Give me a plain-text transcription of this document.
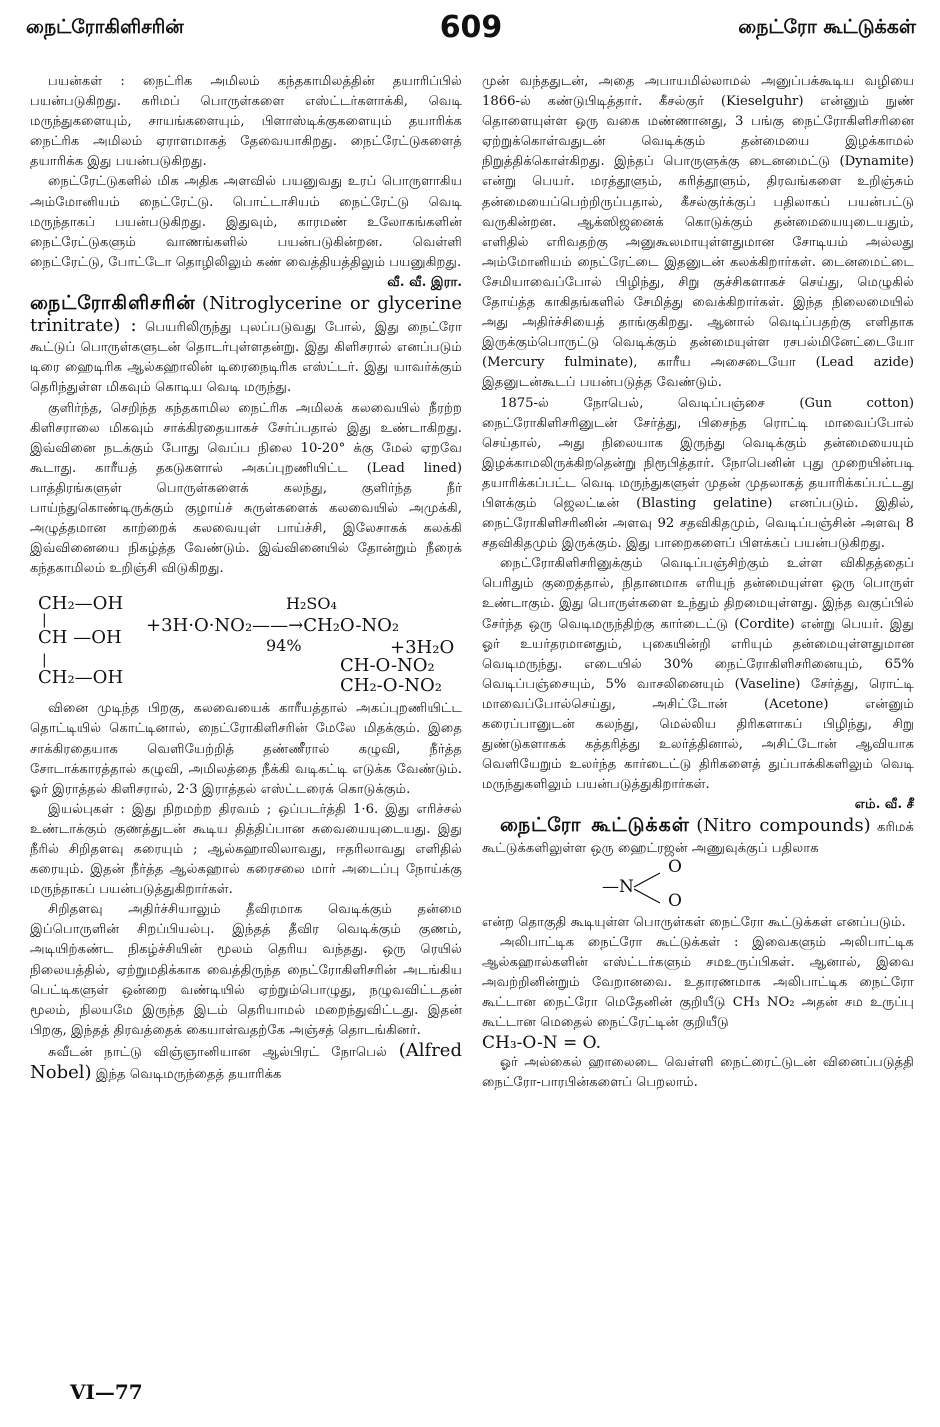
நைட்ரோகிளிசரின்	609	நைட்ரோ கூட்டுக்கள்

பயன்கள் : நைட்ரிக அமிலம் கந்தகாமிலத்தின் தயாரிப்பில் பயன்படுகிறது. கரிமப் பொருள்களை எஸ்ட்டர்களாக்கி, வெடி மருந்துகளையும், சாயங்களையும், பிளாஸ்டிக்குகளையும் தயாரிக்க நைட்ரிக அமிலம் ஏராளமாகத் தேவையாகிறது. நைட்ரேட்டுகளைத் தயாரிக்க இது பயன்படுகிறது.

நைட்ரேட்டுகளில் மிக அதிக அளவில் பயனுவது உரப் பொருளாகிய அம்மோனியம் நைட்ரேட்டு. பொட்டாசியம் நைட்ரேட்டு வெடி மருந்தாகப் பயன்படுகிறது. இதுவும், காரமண் உலோகங்களின் நைட்ரேட்டுகளும் வாணங்களில் பயன்படுகின்றன. வெள்ளி நைட்ரேட்டு, போட்டோ தொழிலிலும் கண் வைத்தியத்திலும் பயனுகிறது.

வீ. வீ. இரா.

நைட்ரோகிளிசரின் (Nitroglycerine or glycerine trinitrate) : பெயரிலிருந்து புலப்படுவது போல், இது நைட்ரோ கூட்டுப் பொருள்களுடன் தொடர்புள்ளதன்று. இது கிளிசரால் எனப்படும் டிரை ஹைடிரிக ஆல்கஹாலின் டிரைநைடிரிக எஸ்ட்டர். இது யாவர்க்கும் தெரிந்துள்ள மிகவும் கொடிய வெடி மருந்து.

குளிர்ந்த, செறிந்த கந்தகாமில நைட்ரிக அமிலக் கலவையில் நீரற்ற கிளிசராலை மிகவும் சாக்கிரதையாகச் சேர்ப்பதால் இது உண்டாகிறது. இவ்வினை நடக்கும் போது வெப்ப நிலை 10-20° க்கு மேல் ஏறவே கூடாது. காரீயத் தகடுகளால் அகப்புறணியிட்ட (Lead lined) பாத்திரங்களுள் பொருள்களைக் கலந்து, குளிர்ந்த நீர் பாய்ந்துகொண்டிருக்கும் குழாய்ச் சுருள்களைக் கலவையில் அமுக்கி, அழுத்தமான காற்றைக் கலவையுள் பாய்ச்சி, இலேசாகக் கலக்கி இவ்வினையை நிகழ்த்த வேண்டும். இவ்வினையில் தோன்றும் நீரைக் கந்தகாமிலம் உறிஞ்சி விடுகிறது.

CH₂—OH	H₂SO₄
|
CH —OH
+3H·O·NO₂——→CH₂O-NO₂
94%	+3H₂O
CH-O-NO₂
|
CH₂—OH	CH₂-O-NO₂

வினை முடிந்த பிறகு, கலவையைக் காரீயத்தால் அகப்புறணியிட்ட தொட்டியில் கொட்டினால், நைட்ரோகிளிசரின் மேலே மிதக்கும். இதை சாக்கிரதையாக வெளியேற்றித் தண்ணீரால் கழுவி, நீர்த்த சோடாக்காரத்தால் கழுவி, அமிலத்தை நீக்கி வடிகட்டி எடுக்க வேண்டும். ஓர் இராத்தல் கிளிசரால், 2·3 இராத்தல் எஸ்ட்டரைக் கொடுக்கும்.

இயல்புகள் : இது நிறமற்ற திரவம் ; ஒப்படர்த்தி 1·6. இது எரிச்சல் உண்டாக்கும் குணத்துடன் கூடிய தித்திப்பான சுவையையுடையது. இது நீரில் சிறிதளவு கரையும் ; ஆல்கஹாலிலாவது, ஈதரிலாவது எளிதில் கரையும். இதன் நீர்த்த ஆல்கஹால் கரைசலை மார் அடைப்பு நோய்க்கு மருந்தாகப் பயன்படுத்துகிறார்கள்.

சிறிதளவு அதிர்ச்சியாலும் தீவிரமாக வெடிக்கும் தன்மை இப்பொருளின் சிறப்பியல்பு. இந்தத் தீவிர வெடிக்கும் குணம், அடியிற்கண்ட நிகழ்ச்சியின் மூலம் தெரிய வந்தது. ஒரு ரெயில் நிலையத்தில், ஏற்றுமதிக்காக வைத்திருந்த நைட்ரோகிளிசரின் அடங்கிய பெட்டிகளுள் ஒன்றை வண்டியில் ஏற்றும்பொழுது, நழுவவிட்டதன் மூலம், நிலயமே இருந்த இடம் தெரியாமல் மறைந்துவிட்டது. இதன் பிறகு, இந்தத் திரவத்தைக் கையாள்வதற்கே அஞ்சத் தொடங்கினர்.

சுவீடன் நாட்டு விஞ்ஞானியான ஆல்பிரட் நோபெல் (Alfred Nobel) இந்த வெடிமருந்தைத் தயாரிக்க

முன் வந்ததுடன், அதை அபாயமில்லாமல் அனுப்பக்கூடிய வழியை 1866-ல் கண்டுபிடித்தார். கீசல்குர் (Kieselguhr) என்னும் நுண் தொளையுள்ள ஒரு வகை மண்ணானது, 3 பங்கு நைட்ரோகிளிசரினை ஏற்றுக்கொள்வதுடன் வெடிக்கும் தன்மையை இழக்காமல் நிறுத்திக்கொள்கிறது. இந்தப் பொருளுக்கு டைனமைட்டு (Dynamite) என்று பெயர். மரத்தூளும், கரித்தூளும், திரவங்களை உறிஞ்சும் தன்மையைப்பெற்றிருப்பதால், கீசல்குர்க்குப் பதிலாகப் பயன்பட்டு வருகின்றன. ஆக்ஸிஜனைக் கொடுக்கும் தன்மையையுடையதும், எளிதில் எரிவதற்கு அனுகூலமாயுள்ளதுமான சோடியம் அல்லது அம்மோனியம் நைட்ரேட்டை இதனுடன் கலக்கிறார்கள். டைனமைட்டை சேமியாவைப்போல் பிழிந்து, சிறு குச்சிகளாகச் செய்து, மெழுகில் தோய்த்த காகிதங்களில் சேமித்து வைக்கிறார்கள். இந்த நிலைமையில் அது அதிர்ச்சியைத் தாங்குகிறது. ஆனால் வெடிப்பதற்கு எளிதாக இருக்கும்பொருட்டு வெடிக்கும் தன்மையுள்ள ரசபல்மினேட்டையோ (Mercury fulminate), காரீய அசைடையோ (Lead azide) இதனுடன்கூடப் பயன்படுத்த வேண்டும்.

1875-ல் நோபெல், வெடிப்பஞ்சை (Gun cotton) நைட்ரோகிளிசரினுடன் சேர்த்து, பிசைந்த ரொட்டி மாவைப்போல் செய்தால், அது நிலையாக இருந்து வெடிக்கும் தன்மையையும் இழக்காமலிருக்கிறதென்று நிரூபித்தார். நோபெனின் புது முறையின்படி தயாரிக்கப்பட்ட வெடி மருந்துகளுள் முதன் முதலாகத் தயாரிக்கப்பட்டது பிளக்கும் ஜெலட்டீன் (Blasting gelatine) எனப்படும். இதில், நைட்ரோகிளிசரினின் அளவு 92 சதவிகிதமும், வெடிப்பஞ்சின் அளவு 8 சதவிகிதமும் இருக்கும். இது பாறைகளைப் பிளக்கப் பயன்படுகிறது.

நைட்ரோகிளிசரினுக்கும் வெடிப்பஞ்சிற்கும் உள்ள விகிதத்தைப் பெரிதும் குறைத்தால், நிதானமாக எரியுந் தன்மையுள்ள ஒரு பொருள் உண்டாகும். இது பொருள்களை உந்தும் திறமையுள்ளது. இந்த வகுப்பில் சேர்ந்த ஒரு வெடிமருந்திற்கு கார்டைட்டு (Cordite) என்று பெயர். இது ஓர் உயர்தரமானதும், புகையின்றி எரியும் தன்மையுள்ளதுமான வெடிமருந்து. எடையில் 30% நைட்ரோகிளிசரினையும், 65% வெடிப்பஞ்சையும், 5% வாசலினையும் (Vaseline) சேர்த்து, ரொட்டி மாவைப்போல்செய்து, அசிட்டோன் (Acetone) என்னும் கரைப்பானுடன் கலந்து, மெல்லிய திரிகளாகப் பிழிந்து, சிறு துண்டுகளாகக் கத்தரித்து உலர்த்தினால், அசிட்டோன் ஆவியாக வெளியேறும் உலர்ந்த கார்டைட்டு திரிகளைத் துப்பாக்கிகளிலும் வெடி மருந்துகளிலும் பயன்படுத்துகிறார்கள்.

எம். வீ. சீ

நைட்ரோ கூட்டுக்கள் (Nitro compounds) கரிமக் கூட்டுக்களிலுள்ள ஒரு ஹைட்ரஜன் அணுவுக்குப் பதிலாக

—N
O
O

என்ற தொகுதி கூடியுள்ள பொருள்கள் நைட்ரோ கூட்டுக்கள் எனப்படும்.

அலிபாட்டிக நைட்ரோ கூட்டுக்கள் : இவைகளும் அலிபாட்டிக ஆல்கஹால்களின் எஸ்ட்டர்களும் சமஉருப்பிகள். ஆனால், இவை அவற்றினின்றும் வேறானவை. உதாரணமாக அலிபாட்டிக நைட்ரோ கூட்டான நைட்ரோ மெதேனின் குறியீடு CH₃ NO₂ அதன் சம உருப்பு கூட்டான மெதைல் நைட்ரேட்டின் குறியீடு

CH₃-O-N = O.

ஓர் அல்கைல் ஹாலைடை வெள்ளி நைட்ரைட்டுடன் வினைப்படுத்தி நைட்ரோ-பாரபின்களைப் பெறலாம்.

VI—77
